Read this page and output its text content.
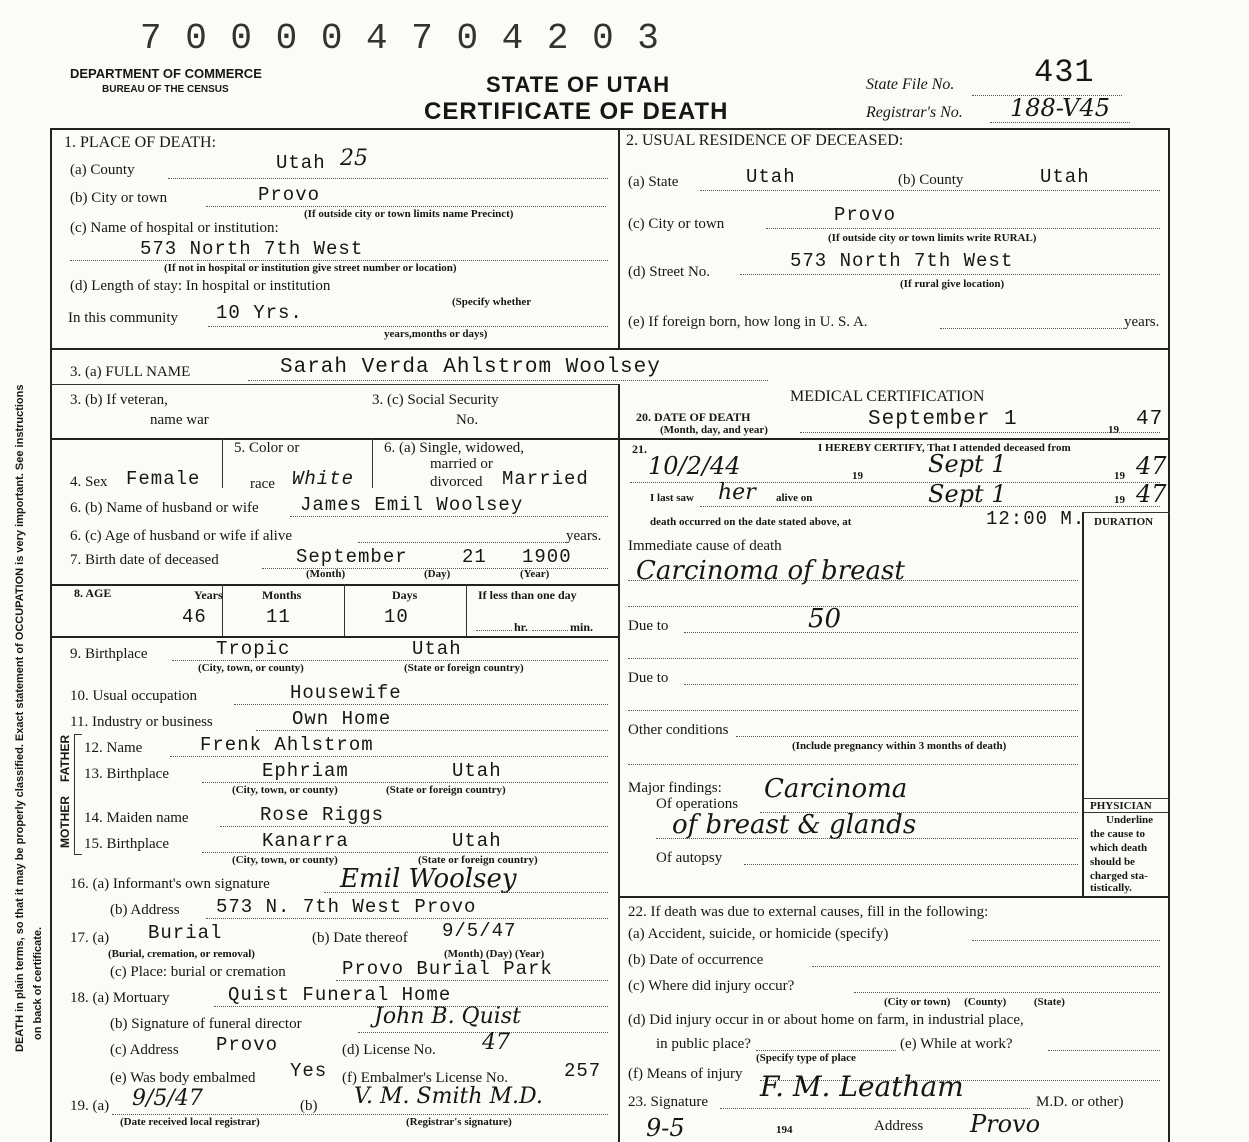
7 0 0 0 0 4 7 0 4 2 0 3
DEPARTMENT OF COMMERCE
BUREAU OF THE CENSUS	STATE OF UTAH
CERTIFICATE OF DEATH
State File No. 431
Registrar's No. 188-V45
DEATH in plain terms, so that it may be properly classified. Exact statement of OCCUPATION is very important. See instructions on back of certificate.
MOTHER
FATHER
1. PLACE OF DEATH:
(a) County	Utah 25
(b) City or town	Provo
(If outside city or town limits name Precinct)
(c) Name of hospital or institution:
573 North 7th West
(If not in hospital or institution give street number or location)
(d) Length of stay: In hospital or institution
(Specify whether
In this community 10 Yrs.
years,months or days)
2. USUAL RESIDENCE OF DECEASED:
(a) State	Utah	(b) County	Utah
(c) City or town	Provo
(If outside city or town limits write RURAL)
(d) Street No.	573 North 7th West
(If rural give location)
(e) If foreign born, how long in U. S. A.	years.
3. (a) FULL NAME	Sarah Verda Ahlstrom Woolsey
3. (b) If veteran,
name war
3. (c) Social Security
No.
5. Color or	6. (a) Single, widowed,
married or
divorced
4. Sex Female	race White	Married
6. (b) Name of husband or wife James Emil Woolsey
6. (c) Age of husband or wife if alive	years.
7. Birth date of deceased	September	21 1900
(Month)	(Day)	(Year)
8. AGE	Years	Months	Days	If less than one day
46	11	10	hr.	min.
9. Birthplace	Tropic	Utah
(City, town, or county)	(State or foreign country)
10. Usual occupation	Housewife
11. Industry or business	Own Home
12. Name	Frenk Ahlstrom
13. Birthplace	Ephriam	Utah
(City, town, or county)	(State or foreign country)
14. Maiden name	Rose Riggs
15. Birthplace	Kanarra	Utah
(City, town, or county)	(State or foreign country)
16. (a) Informant's own signature	Emil Woolsey
(b) Address 573 N. 7th West Provo
17. (a) Burial
(Burial, cremation, or removal)
(b) Date thereof 9/5/47
(Month) (Day) (Year)
(c) Place: burial or cremation	Provo Burial Park
18. (a) Mortuary	Quist Funeral Home
(b) Signature of funeral director	John B. Quist
(c) Address Provo	(d) License No. 47
(e) Was body embalmed Yes (f) Embalmer's License No.	257
19. (a) 9/5/47	(b) V. M. Smith M.D.
(Date received local registrar)	(Registrar's signature)
MEDICAL CERTIFICATION
20. DATE OF DEATH
(Month, day, and year)	September 1	19 47
21.	I HEREBY CERTIFY, That I attended deceased from
10/2/44	19	Sept 1	19 47
I last saw her alive on	Sept 1	19 47
death occurred on the date stated above, at	12:00 M. DURATION
Immediate cause of death
Carcinoma of breast
Due to	50
Due to
Other conditions
(Include pregnancy within 3 months of death)
Major findings:
Of operations Carcinoma
of breast & glands
Of autopsy
PHYSICIAN
Underline
the cause to
which death
should be
charged sta-
tistically.
22. If death was due to external causes, fill in the following:
(a) Accident, suicide, or homicide (specify)
(b) Date of occurrence
(c) Where did injury occur?
(City or town)     (County)          (State)
(d) Did injury occur in or about home on farm, in industrial place,
in public place?
(Specify type of place
(e) While at work?
(f) Means of injury
23. Signature F. M. Leatham	M.D. or other)
9-5	194	Address Provo
